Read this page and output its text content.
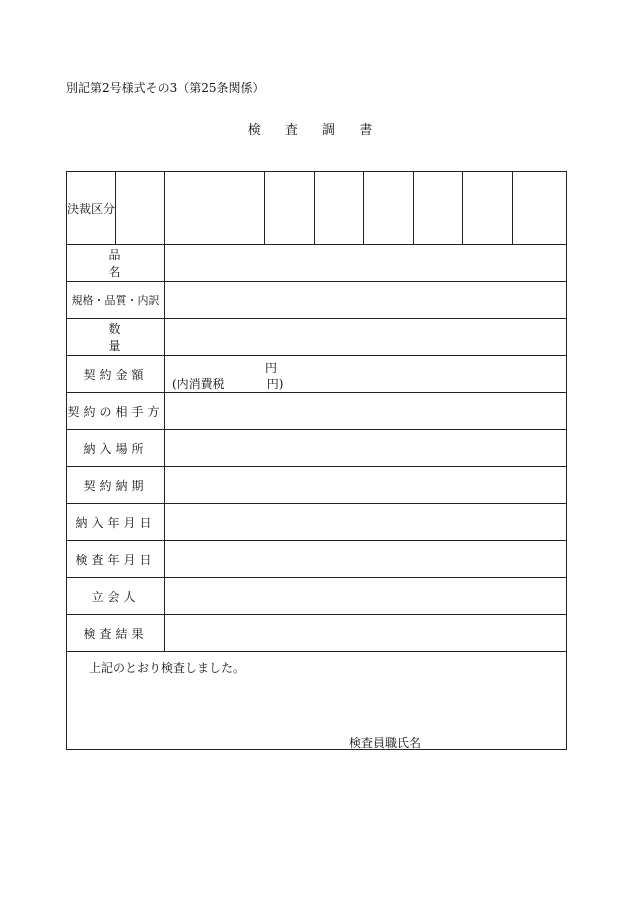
別記第2号様式その3（第25条関係）
検 査 調 書
決裁区分								
品 名								
規格・品質・内訳								
数 量								
契約金額		円
(内消費税 円)						

契約の相手方								
納入場所								
契約納期								
納入年月日								
検査年月日								
立会人								
検査結果								

上記のとおり検査しました。
検査員職氏名								
